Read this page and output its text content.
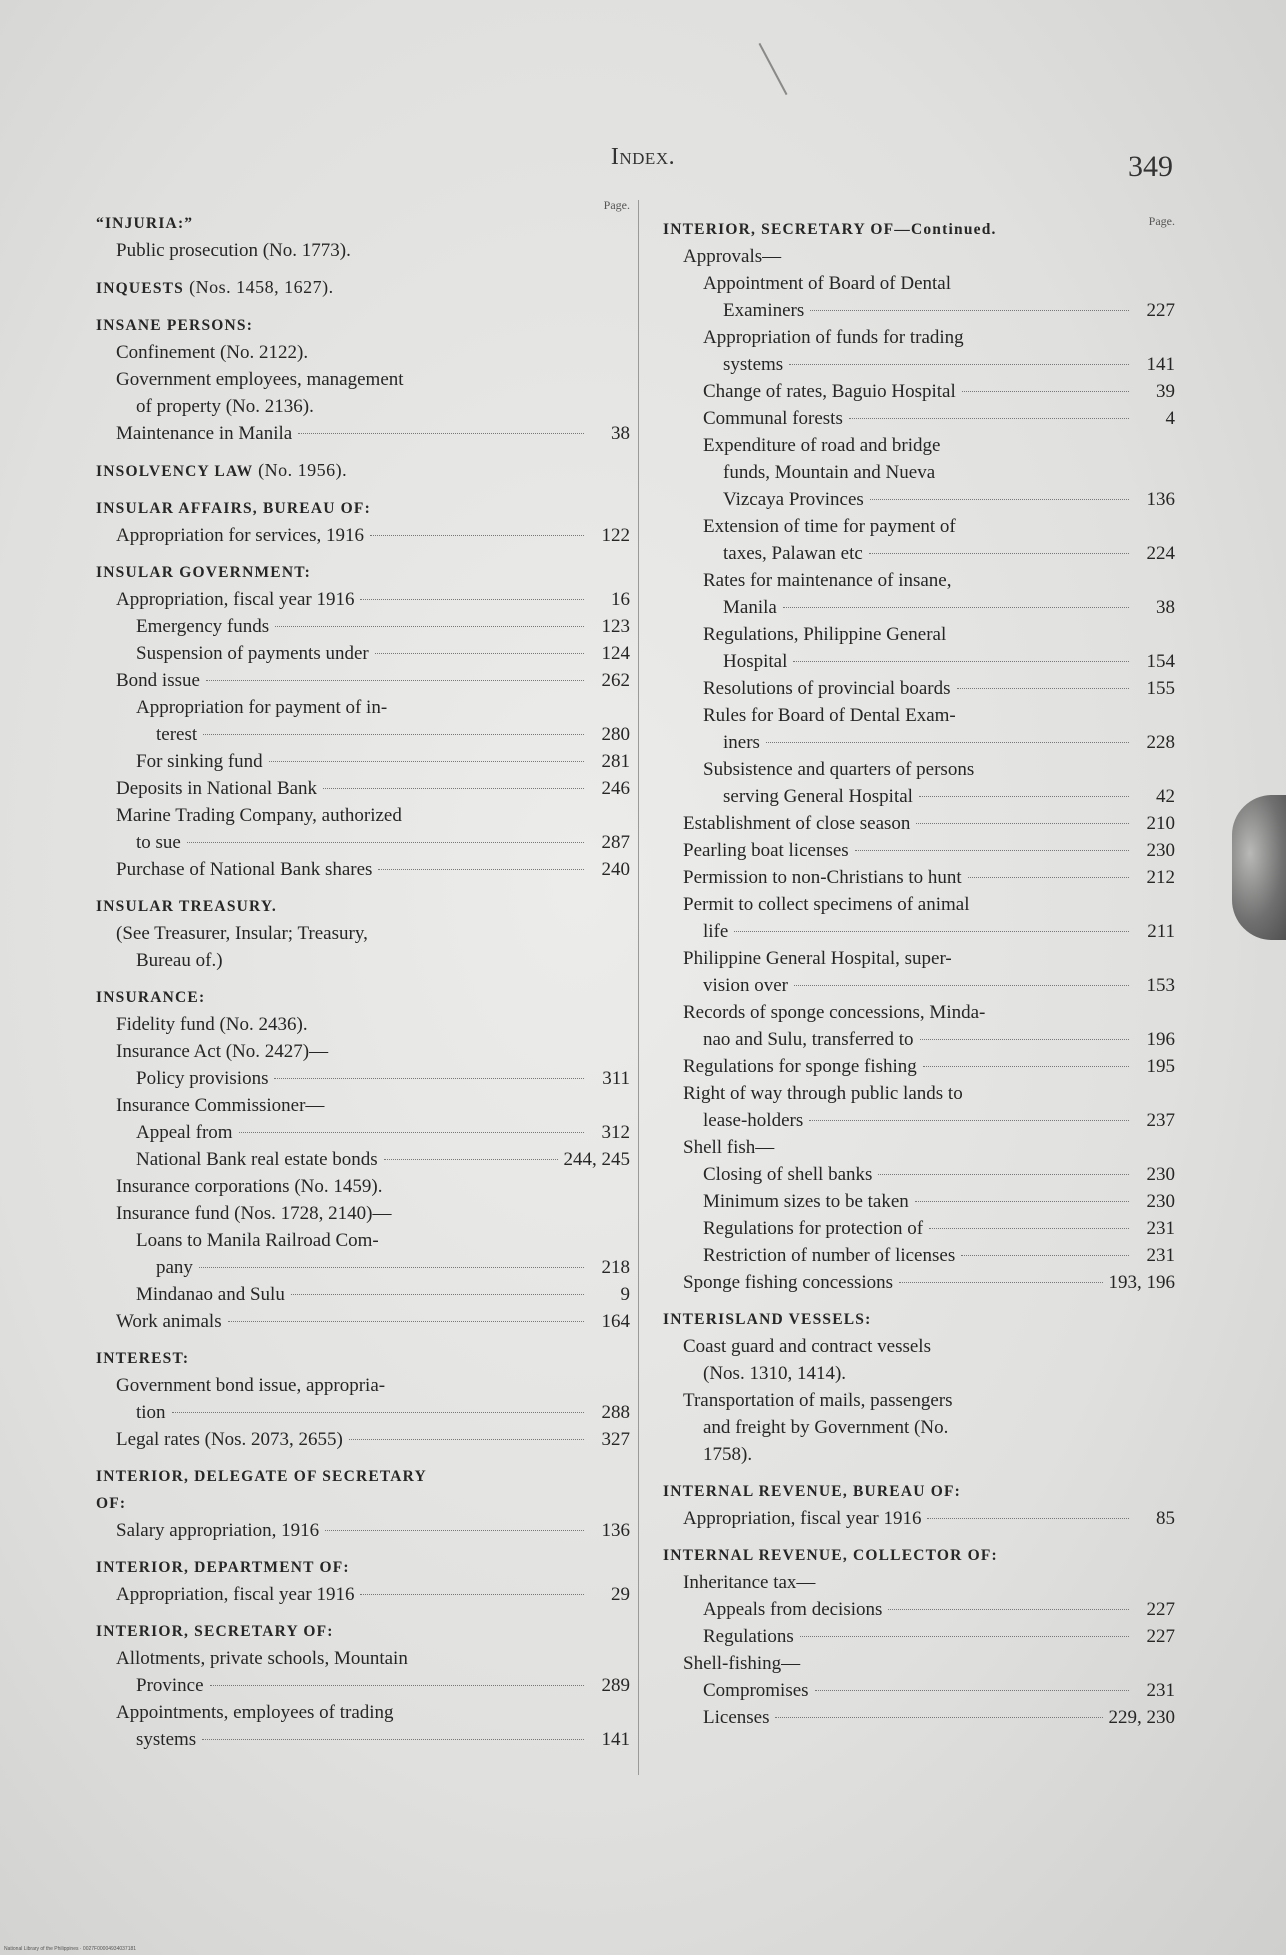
Index.	349
Page.
“INJURIA:”
Public prosecution (No. 1773).
INQUESTS (Nos. 1458, 1627).
INSANE PERSONS:
Confinement (No. 2122).
Government employees, management
of property (No. 2136).
Maintenance in Manila	38
INSOLVENCY LAW (No. 1956).
INSULAR AFFAIRS, BUREAU OF:
Appropriation for services, 1916	122
INSULAR GOVERNMENT:
Appropriation, fiscal year 1916	16
Emergency funds	123
Suspension of payments under	124
Bond issue	262
Appropriation for payment of in-
terest	280
For sinking fund	281
Deposits in National Bank	246
Marine Trading Company, authorized
to sue	287
Purchase of National Bank shares	240
INSULAR TREASURY.
(See Treasurer, Insular; Treasury,
Bureau of.)
INSURANCE:
Fidelity fund (No. 2436).
Insurance Act (No. 2427)—
Policy provisions	311
Insurance Commissioner—
Appeal from	312
National Bank real estate bonds	244, 245
Insurance corporations (No. 1459).
Insurance fund (Nos. 1728, 2140)—
Loans to Manila Railroad Com-
pany	218
Mindanao and Sulu	9
Work animals	164
INTEREST:
Government bond issue, appropria-
tion	288
Legal rates (Nos. 2073, 2655)	327
INTERIOR, DELEGATE OF SECRETARY
OF:
Salary appropriation, 1916	136
INTERIOR, DEPARTMENT OF:
Appropriation, fiscal year 1916	29
INTERIOR, SECRETARY OF:
Allotments, private schools, Mountain
Province	289
Appointments, employees of trading
systems	141
Page.
INTERIOR, SECRETARY OF—Continued.
Approvals—
Appointment of Board of Dental
Examiners	227
Appropriation of funds for trading
systems	141
Change of rates, Baguio Hospital	39
Communal forests	4
Expenditure of road and bridge
funds, Mountain and Nueva
Vizcaya Provinces	136
Extension of time for payment of
taxes, Palawan etc	224
Rates for maintenance of insane,
Manila	38
Regulations, Philippine General
Hospital	154
Resolutions of provincial boards	155
Rules for Board of Dental Exam-
iners	228
Subsistence and quarters of persons
serving General Hospital	42
Establishment of close season	210
Pearling boat licenses	230
Permission to non-Christians to hunt	212
Permit to collect specimens of animal
life	211
Philippine General Hospital, super-
vision over	153
Records of sponge concessions, Minda-
nao and Sulu, transferred to	196
Regulations for sponge fishing	195
Right of way through public lands to
lease-holders	237
Shell fish—
Closing of shell banks	230
Minimum sizes to be taken	230
Regulations for protection of	231
Restriction of number of licenses	231
Sponge fishing concessions	193, 196
INTERISLAND VESSELS:
Coast guard and contract vessels
(Nos. 1310, 1414).
Transportation of mails, passengers
and freight by Government (No.
1758).
INTERNAL REVENUE, BUREAU OF:
Appropriation, fiscal year 1916	85
INTERNAL REVENUE, COLLECTOR OF:
Inheritance tax—
Appeals from decisions	227
Regulations	227
Shell-fishing—
Compromises	231
Licenses	229, 230
National Library of the Philippines · 0027F00004934037181
